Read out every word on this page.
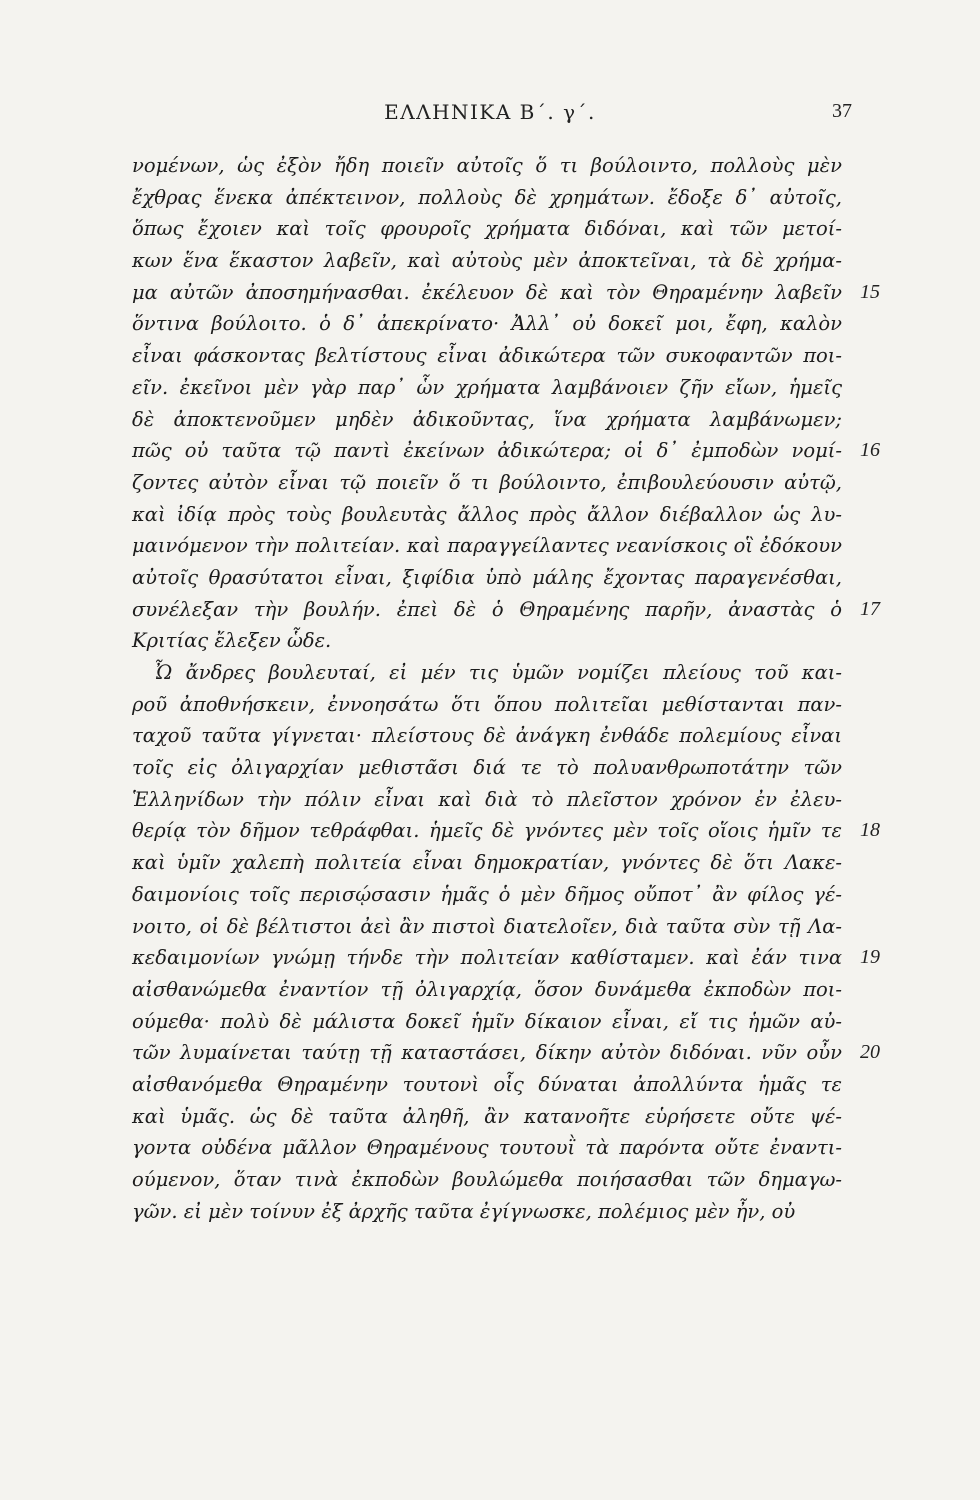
ΕΛΛΗΝΙΚΑ Β΄. γ΄.	37
νομένων, ὡς ἐξὸν ἤδη ποιεῖν αὐτοῖς ὅ τι βούλοιντο, πολλοὺς μὲν
ἔχθρας ἕνεκα ἀπέκτεινον, πολλοὺς δὲ χρημάτων. ἔδοξε δ᾿ αὐτοῖς,
ὅπως ἔχοιεν καὶ τοῖς φρουροῖς χρήματα διδόναι, καὶ τῶν μετοί-
κων ἕνα ἕκαστον λαβεῖν, καὶ αὐτοὺς μὲν ἀποκτεῖναι, τὰ δὲ χρήμα-
μα αὐτῶν ἀποσημήνασθαι. ἐκέλευον δὲ καὶ τὸν Θηραμένην λαβεῖν 15
ὅντινα βούλοιτο. ὁ δ᾿ ἀπεκρίνατο· Ἀλλ᾿ οὐ δοκεῖ μοι, ἔφη, καλὸν
εἶναι φάσκοντας βελτίστους εἶναι ἀδικώτερα τῶν συκοφαντῶν ποι-
εῖν. ἐκεῖνοι μὲν γὰρ παρ᾿ ὧν χρήματα λαμβάνοιεν ζῆν εἴων, ἡμεῖς
δὲ ἀποκτενοῦμεν μηδὲν ἀδικοῦντας, ἵνα χρήματα λαμβάνωμεν;
πῶς οὐ ταῦτα τῷ παντὶ ἐκείνων ἀδικώτερα; οἱ δ᾿ ἐμποδὼν νομί- 16
ζοντες αὐτὸν εἶναι τῷ ποιεῖν ὅ τι βούλοιντο, ἐπιβουλεύουσιν αὐτῷ,
καὶ ἰδίᾳ πρὸς τοὺς βουλευτὰς ἄλλος πρὸς ἄλλον διέβαλλον ὡς λυ-
μαινόμενον τὴν πολιτείαν. καὶ παραγγείλαντες νεανίσκοις οἳ ἐδόκουν
αὐτοῖς θρασύτατοι εἶναι, ξιφίδια ὑπὸ μάλης ἔχοντας παραγενέσθαι,
συνέλεξαν τὴν βουλήν. ἐπεὶ δὲ ὁ Θηραμένης παρῆν, ἀναστὰς ὁ 17
Κριτίας ἔλεξεν ὧδε.
Ὦ ἄνδρες βουλευταί, εἰ μέν τις ὑμῶν νομίζει πλείους τοῦ και-
ροῦ ἀποθνήσκειν, ἐννοησάτω ὅτι ὅπου πολιτεῖαι μεθίστανται παν-
ταχοῦ ταῦτα γίγνεται· πλείστους δὲ ἀνάγκη ἐνθάδε πολεμίους εἶναι
τοῖς εἰς ὀλιγαρχίαν μεθιστᾶσι διά τε τὸ πολυανθρωποτάτην τῶν
Ἑλληνίδων τὴν πόλιν εἶναι καὶ διὰ τὸ πλεῖστον χρόνον ἐν ἐλευ-
θερίᾳ τὸν δῆμον τεθράφθαι. ἡμεῖς δὲ γνόντες μὲν τοῖς οἵοις ἡμῖν τε 18
καὶ ὑμῖν χαλεπὴ πολιτεία εἶναι δημοκρατίαν, γνόντες δὲ ὅτι Λακε-
δαιμονίοις τοῖς περισῴσασιν ἡμᾶς ὁ μὲν δῆμος οὔποτ᾿ ἂν φίλος γέ-
νοιτο, οἱ δὲ βέλτιστοι ἀεὶ ἂν πιστοὶ διατελοῖεν, διὰ ταῦτα σὺν τῇ Λα-
κεδαιμονίων γνώμῃ τήνδε τὴν πολιτείαν καθίσταμεν. καὶ ἐάν τινα 19
αἰσθανώμεθα ἐναντίον τῇ ὀλιγαρχίᾳ, ὅσον δυνάμεθα ἐκποδὼν ποι-
ούμεθα· πολὺ δὲ μάλιστα δοκεῖ ἡμῖν δίκαιον εἶναι, εἴ τις ἡμῶν αὐ-
τῶν λυμαίνεται ταύτῃ τῇ καταστάσει, δίκην αὐτὸν διδόναι. νῦν οὖν 20
αἰσθανόμεθα Θηραμένην τουτονὶ οἷς δύναται ἀπολλύντα ἡμᾶς τε
καὶ ὑμᾶς. ὡς δὲ ταῦτα ἀληθῆ, ἂν κατανοῆτε εὑρήσετε οὔτε ψέ-
γοντα οὐδένα μᾶλλον Θηραμένους τουτουῒ τὰ παρόντα οὔτε ἐναντι-
ούμενον, ὅταν τινὰ ἐκποδὼν βουλώμεθα ποιήσασθαι τῶν δημαγω-
γῶν. εἰ μὲν τοίνυν ἐξ ἀρχῆς ταῦτα ἐγίγνωσκε, πολέμιος μὲν ἦν, οὐ
